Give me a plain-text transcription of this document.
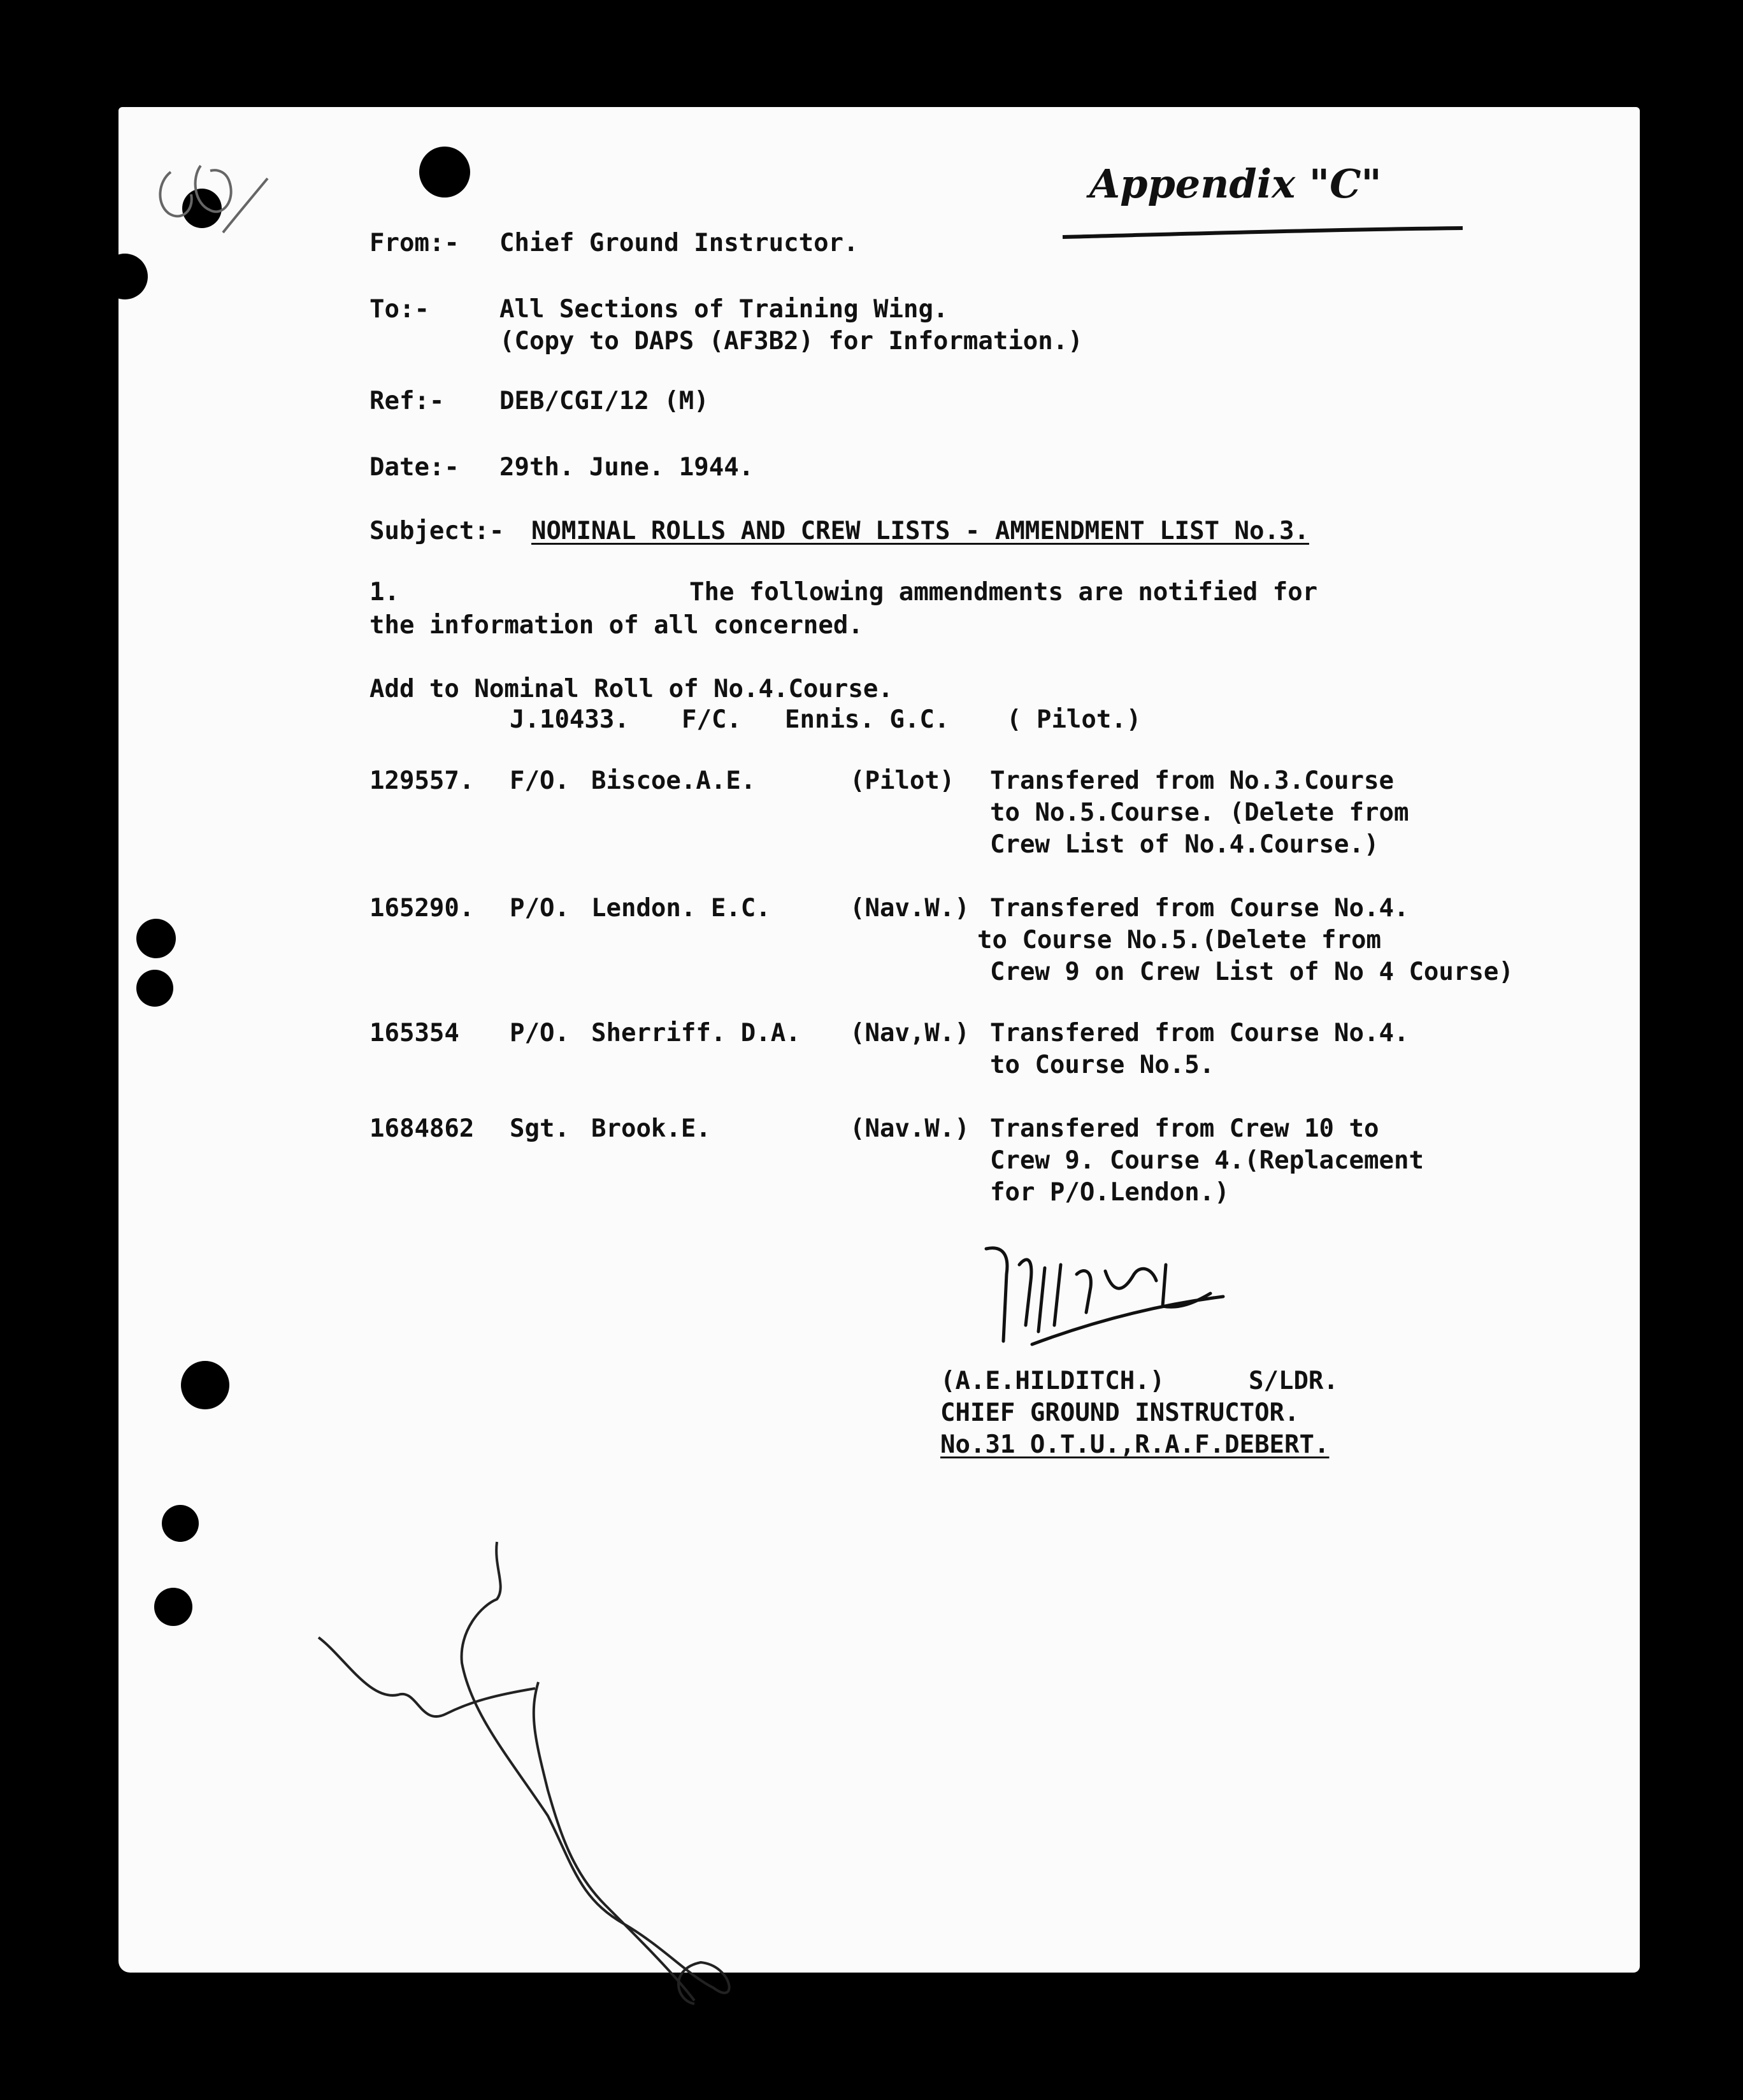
Appendix "C"
From:- Chief Ground Instructor.
To:-	All Sections of Training Wing.
(Copy to DAPS (AF3B2) for Information.)
Ref:- DEB/CGI/12 (M)
Date:- 29th. June. 1944.
Subject:- NOMINAL ROLLS AND CREW LISTS - AMMENDMENT LIST No.3.
1.	The following ammendments are notified for
the information of all concerned.
Add to Nominal Roll of No.4.Course.
J.10433. F/C. Ennis. G.C. ( Pilot.)
129557. F/O. Biscoe.A.E.	(Pilot) Transfered from No.3.Course
to No.5.Course. (Delete from
Crew List of No.4.Course.)
165290. P/O. Lendon. E.C.	(Nav.W.) Transfered from Course No.4.
to Course No.5.(Delete from
Crew 9 on Crew List of No 4 Course)
165354 P/O. Sherriff. D.A. (Nav,W.) Transfered from Course No.4.
to Course No.5.
1684862 Sgt. Brook.E.	(Nav.W.) Transfered from Crew 10 to
Crew 9. Course 4.(Replacement
for P/O.Lendon.)
(A.E.HILDITCH.)	S/LDR.
CHIEF GROUND INSTRUCTOR.
No.31 O.T.U.,R.A.F.DEBERT.
